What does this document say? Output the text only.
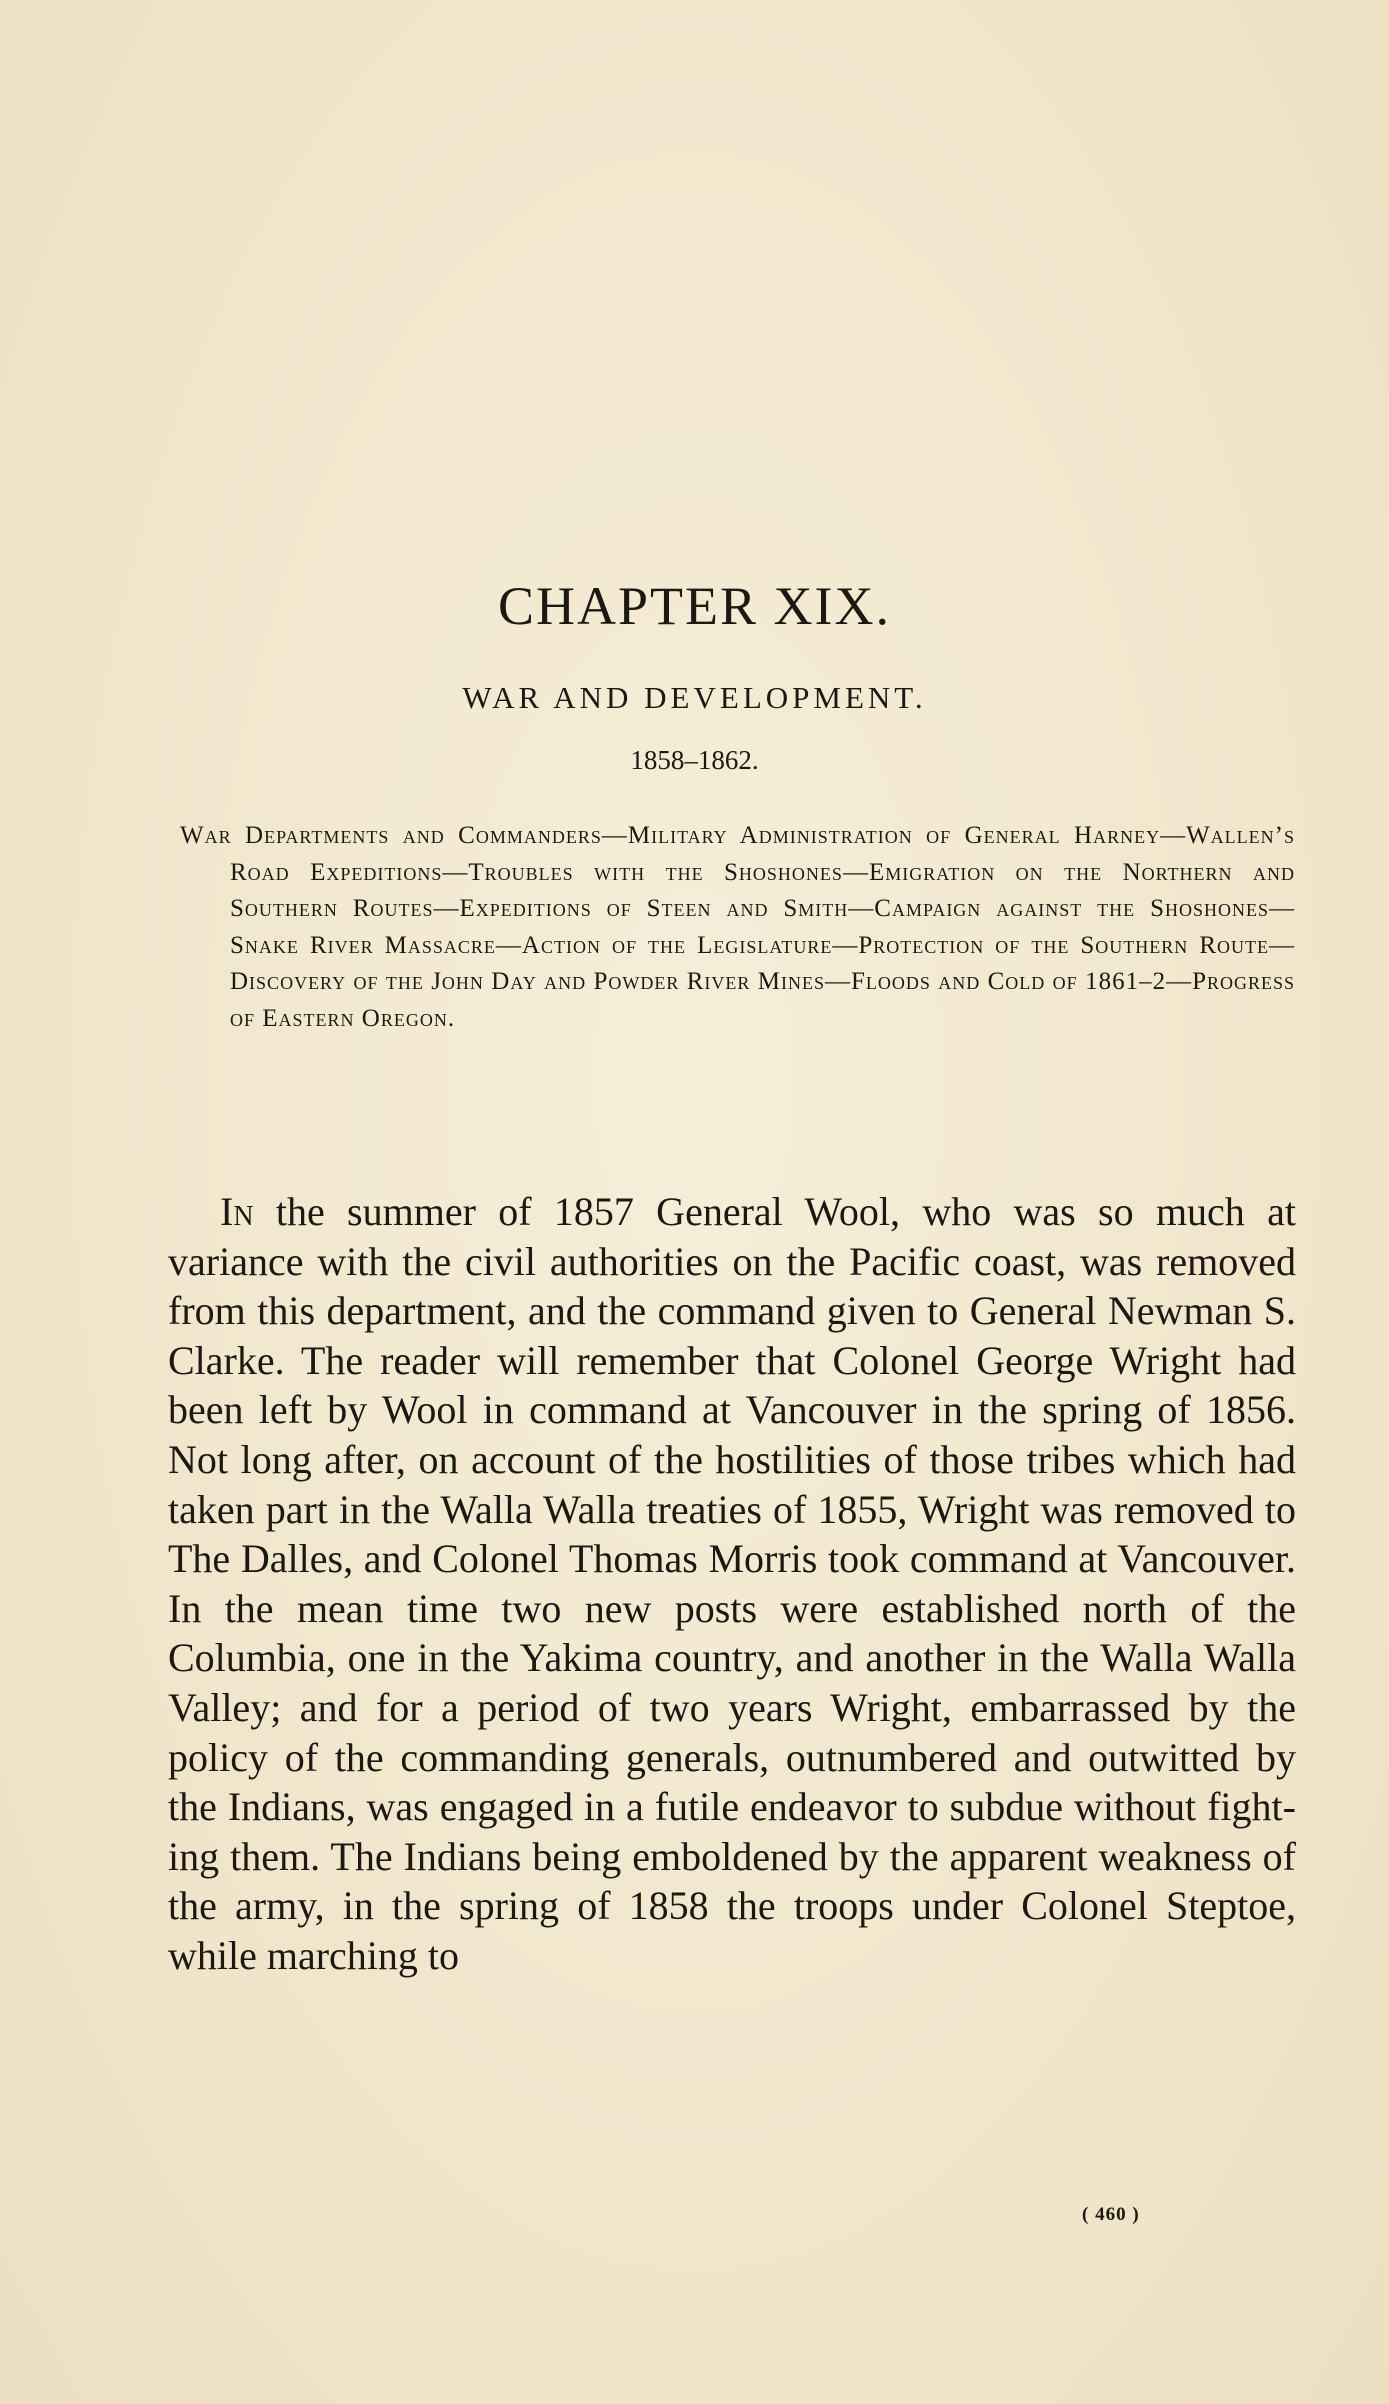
CHAPTER XIX.
WAR AND DEVELOPMENT.
1858–1862.
War Departments and Commanders—Military Administration of General Harney—Wallen’s Road Expeditions—Troubles with the Shoshones—Emigration on the Northern and Southern Routes—Expeditions of Steen and Smith—Campaign against the Shoshones—Snake River Massacre—Action of the Legislature—Protection of the Southern Route—Discovery of the John Day and Powder River Mines—Floods and Cold of 1861–2—Progress of Eastern Oregon.
In the summer of 1857 General Wool, who was so much at variance with the civil authorities on the Pacific coast, was removed from this department, and the command given to General Newman S. Clarke. The reader will remember that Colonel George Wright had been left by Wool in command at Vancouver in the spring of 1856. Not long after, on account of the hostilities of those tribes which had taken part in the Walla Walla treaties of 1855, Wright was removed to The Dalles, and Colonel Thomas Morris took command at Vancouver. In the mean time two new posts were established north of the Columbia, one in the Yakima country, and another in the Walla Walla Valley; and for a period of two years Wright, embarrassed by the policy of the commanding generals, outnumbered and outwitted by the Indians, was engaged in a futile endeavor to subdue without fighting them. The Indians being emboldened by the apparent weakness of the army, in the spring of 1858 the troops under Colonel Steptoe, while marching to
( 460 )
